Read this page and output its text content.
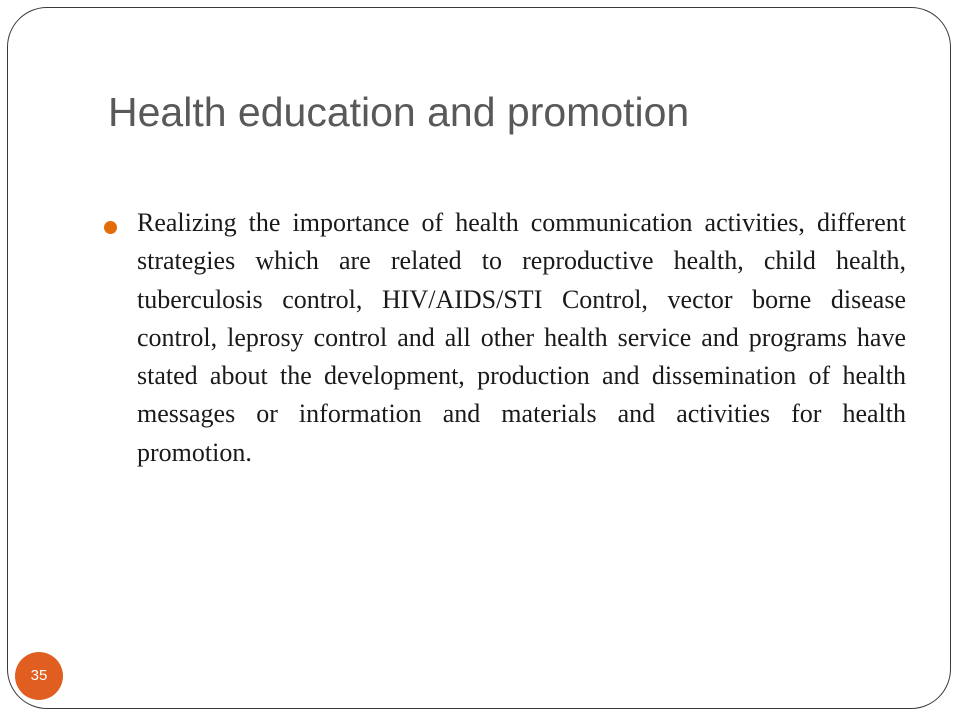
Health education and promotion
Realizing the importance of health communication activities, different strategies which are related to reproductive health, child health, tuberculosis control, HIV/AIDS/STI Control, vector borne disease control, leprosy control and all other health service and programs have stated about the development, production and dissemination of health messages or information and materials and activities for health promotion.
35
